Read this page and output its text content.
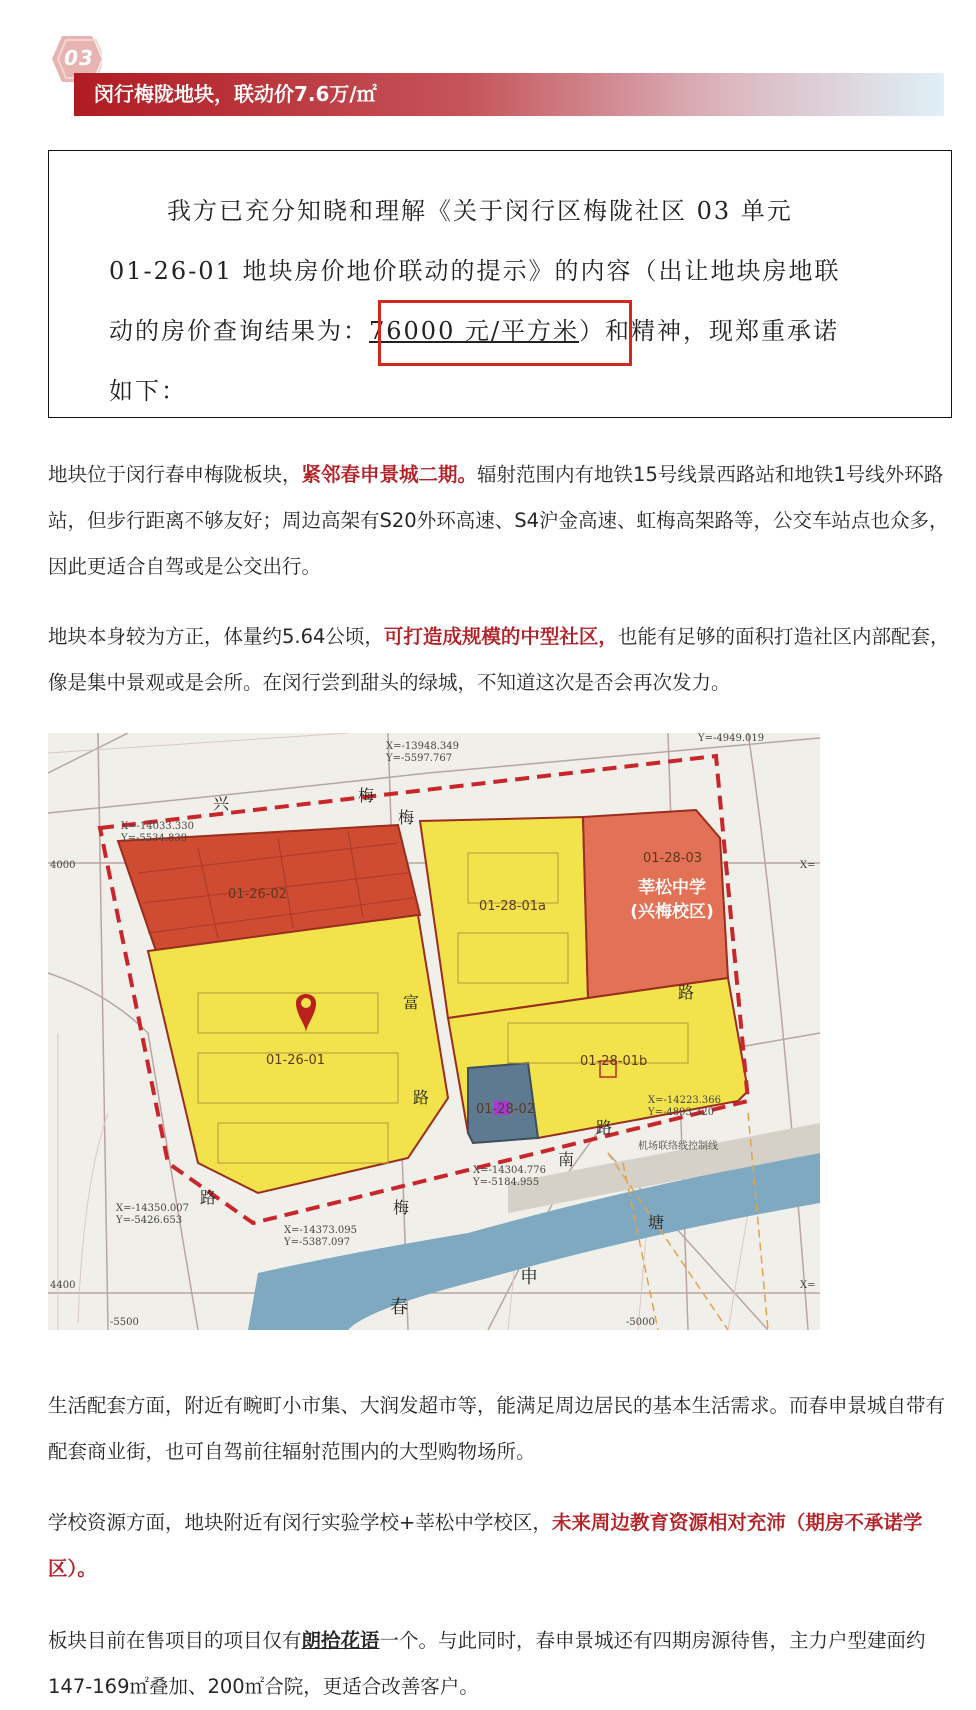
03
闵行梅陇地块，联动价7.6万/㎡
我方已充分知晓和理解《关于闵行区梅陇社区 03 单元
01-26-01 地块房价地价联动的提示》的内容（出让地块房地联
动的房价查询结果为：76000 元/平方米）和精神，现郑重承诺
如下：

地块位于闵行春申梅陇板块，紧邻春申景城二期。辐射范围内有地铁15号线景西路站和地铁1号线外环路站，但步行距离不够友好；周边高架有S20外环高速、S4沪金高速、虹梅高架路等，公交车站点也众多，因此更适合自驾或是公交出行。

地块本身较为方正，体量约5.64公顷，可打造成规模的中型社区，也能有足够的面积打造社区内部配套，像是集中景观或是会所。在闵行尝到甜头的绿城，不知道这次是否会再次发力。

01-26-02
01-26-01
01-28-01a
01-28-01b
01-28-02
01-28-03
莘松中学
(兴梅校区)
兴	梅
梅
富
路
路
路
路
南
塘
申
春
梅
X=-14033.330
Y=-5534.839
X=-13948.349
Y=-5597.767
Y=-4949.019
X=-14350.007
Y=-5426.653
X=-14373.095
Y=-5387.097
X=-14304.776
Y=-5184.955
X=-14223.366
Y=-4893.320
4000
4400
X=
X=
-5500	-5000
机场联络线控制线

生活配套方面，附近有畹町小市集、大润发超市等，能满足周边居民的基本生活需求。而春申景城自带有配套商业街，也可自驾前往辐射范围内的大型购物场所。

学校资源方面，地块附近有闵行实验学校+莘松中学校区，未来周边教育资源相对充沛（期房不承诺学区）。

板块目前在售项目的项目仅有朗拾花语一个。与此同时，春申景城还有四期房源待售，主力户型建面约147-169㎡叠加、200㎡合院，更适合改善客户。
